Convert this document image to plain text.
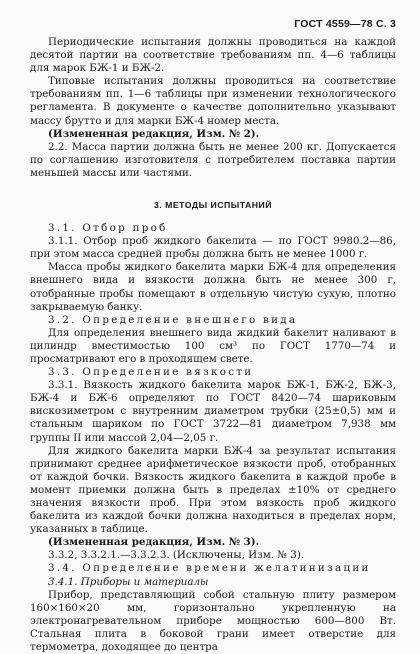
ГОСТ 4559—78 С. 3

Периодические испытания должны проводиться на каждой десятой партии на соответствие требованиям пп. 4—6 таблицы для марок БЖ-1 и БЖ-2.

Типовые испытания должны проводиться на соответствие требованиям пп. 1—6 таблицы при изменении технологического регламента. В документе о качестве дополнительно указывают массу брутто и для марки БЖ-4 номер места.

(Измененная редакция, Изм. № 2).

2.2. Масса партии должна быть не менее 200 кг. Допускается по соглашению изготовителя с потребителем поставка партии меньшей массы или частями.

3. МЕТОДЫ ИСПЫТАНИЙ

3.1. Отбор проб

3.1.1. Отбор проб жидкого бакелита — по ГОСТ 9980.2—86, при этом масса средней пробы должна быть не менее 1000 г.

Масса пробы жидкого бакелита марки БЖ-4 для определения внешнего вида и вязкости должна быть не менее 300 г, отобранные пробы помещают в отдельную чистую сухую, плотно закрываемую банку.

3.2. Определение внешнего вида

Для определения внешнего вида жидкий бакелит наливают в цилиндр вместимостью 100 см³ по ГОСТ 1770—74 и просматривают его в проходящем свете.

3.3. Определение вязкости

3.3.1. Вязкость жидкого бакелита марок БЖ-1, БЖ-2, БЖ-3, БЖ-4 и БЖ-6 определяют по ГОСТ 8420—74 шариковым вискозиметром с внутренним диаметром трубки (25±0,5) мм и стальным шариком по ГОСТ 3722—81 диаметром 7,938 мм группы II или массой 2,04—2,05 г.

Для жидкого бакелита марки БЖ-4 за результат испытания принимают среднее арифметическое вязкости проб, отобранных от каждой бочки. Вязкость жидкого бакелита в каждой пробе в момент приемки должна быть в пределах ±10% от среднего значения вязкости проб. При этом вязкость проб жидкого бакелита из каждой бочки должна находиться в пределах норм, указанных в таблице.

(Измененная редакция, Изм. № 3).

3.3.2, 3.3.2.1.—3.3.2.3. (Исключены, Изм. № 3).

3.4. Определение времени желатинизации

3.4.1. Приборы и материалы

Прибор, представляющий собой стальную плиту размером 160×160×20 мм, горизонтально укрепленную на электронагревательном приборе мощностью 600—800 Вт. Стальная плита в боковой грани имеет отверстие для термометра, доходящее до центра
